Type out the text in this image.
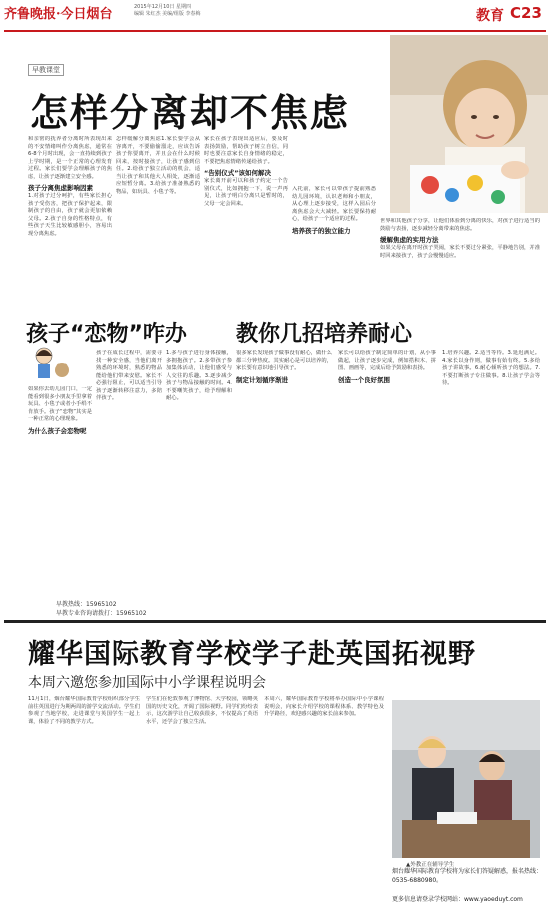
齐鲁晚报·今日烟台	2015年12月10日 星期四
编辑 朱红杰 美编/组版 李春梅	教育 C23
早教课堂
怎样分离却不焦虑
和亲密的抚养者分离时所表现出来的不安情绪叫作分离焦虑，通常在6-8个月时出现，会一直持续到孩子上学时期，是一个正常的心理发育过程。家长们要学会理解孩子的焦虑，让孩子逐渐建立安全感。
孩子分离焦虑影响因素
1.对孩子过分呵护，有些家长担心孩子受伤害，把孩子保护起来，限制孩子的自由，孩子就会更加依赖父母。2.孩子自身的性格特点，有些孩子天生比较敏感胆小，容易出现分离焦虑。
怎样缓解分离焦虑1.家长要学会从容离开，不要偷偷溜走，应该告诉孩子你要离开，并且会在什么时候回来，按时接孩子，让孩子感到信任。2.给孩子独立活动的机会，适当让孩子和其他大人相处，逐渐适应短暂分离。3.给孩子准备熟悉的物品，如玩具、小毯子等。
家长在孩子表现出适应后，要及时表扬鼓励，帮助孩子树立自信，同时也要注意家长自身情绪的稳定，不要把焦虑情绪传递给孩子。
“告别仪式”该如何解决
家长离开前可以和孩子约定一个告别仪式，比如拥抱一下，说一声再见，让孩子明白分离只是暂时的，父母一定会回来。
入托前，家长可以带孩子提前熟悉幼儿园环境，认识老师和小朋友，从心理上逐步接受，这样入园后分离焦虑会大大减轻。家长要保持耐心，给孩子一个适应的过程。
培养孩子的独立能力
世界和其他孩子分享，让他们体验到分离的快乐，对孩子进行适当的鼓励与表扬，逐步减轻分离带来的焦虑。
缓解焦虑的实用方法
如果父母在离开时孩子哭闹，家长不要过分紧张，平静地告别，并准时回来接孩子，孩子会慢慢适应。
孩子“恋物”咋办 教你几招培养耐心
如果你去幼儿园门口，一定能看到很多小朋友手里拿着玩具、小毯子或者小手绢不肯放手。孩子“恋物”其实是一种正常的心理现象。
为什么孩子会恋物呢
孩子在成长过程中，需要寻找一种安全感，当他们离开熟悉的环境时，熟悉的物品能给他们带来安慰。家长不必强行阻止，可以适当引导孩子逐渐转移注意力，多陪伴孩子。
1.多与孩子进行身体接触，多拥抱孩子。2.多带孩子参加集体活动，让他们感受与人交往的乐趣。3.逐步减少孩子与物品接触的时间。4.不要嘲笑孩子，给予理解和耐心。
很多家长发现孩子做事没有耐心，做什么都三分钟热度。其实耐心是可以培养的，家长要有意识地引导孩子。
制定计划循序渐进
家长可以给孩子制定简单的计划，从小事做起，让孩子逐步完成，例如搭积木、拼图、画画等，完成后给予鼓励和表扬。
创造一个良好氛围
1.培养兴趣。2.适当等待。3.延迟满足。4.家长以身作则，做事有始有终。5.多给孩子讲故事。6.耐心倾听孩子的想法。7.不要打断孩子专注做事。8.让孩子学会等待。
早教热线：15965102
早教专业咨询请拨打：15965102
耀华国际教育学校学子赴英国拓视野
本周六邀您参加国际中小学课程说明会
11月1日，烟台耀华国际教育学校组织部分学生前往英国进行为期两周的游学交流活动。学生们参观了当地学校，走进课堂与英国学生一起上课，体验了不同的教学方式。
学生们在伦敦参观了博物馆、大学校园，领略英国的历史文化，开阔了国际视野。同学们纷纷表示，这次游学让自己收获很多，不仅提高了英语水平，还学会了独立生活。
本周六，耀华国际教育学校将举办国际中小学课程说明会，向家长介绍学校的课程体系、教学特色及升学路径，欢迎感兴趣的家长前来参加。
▲外教正在辅导学生
烟台耀华国际教育学校将为家长们答疑解惑，报名热线：0535-6880980。
更多信息请登录学校网站：www.yaoeduyt.com
